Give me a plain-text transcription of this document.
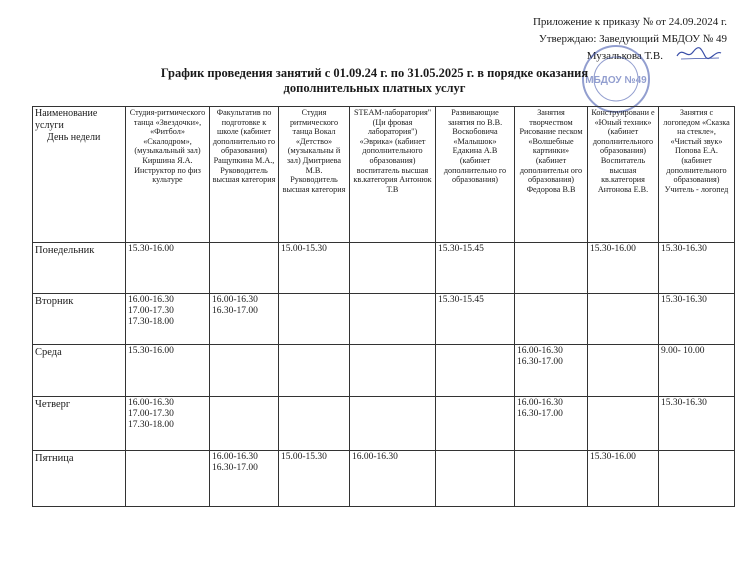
Приложение к приказу № от 24.09.2024 г.
Утверждаю: Заведующий МБДОУ № 49
Музалькова Т.В.
МБДОУ №49
График проведения занятий с 01.09.24 г. по 31.05.2025 г. в порядке оказания
дополнительных платных услуг
Наименование услуги
День недели	Студия-ритмического танца «Звездочки», «Фитбол» «Скалодром», (музыкальный зал) Киршина Я.А. Инструктор по физ культуре	Факультатив по подготовке к школе (кабинет дополнительно го образования) Ращупкина М.А., Руководитель высшая категория	Студия ритмического танца Вокал «Детство» (музыкальны й зал) Дмитриева М.В. Руководитель высшая категория	STEAM-лаборатория"(Ци фровая лаборатория") «Эврика» (кабинет дополнительного образования) воспитатель высшая кв.категория Антонюк Т.В	Развивающие занятия по В.В. Воскобовича «Малышок» Едакина А.В (кабинет дополнительно го образования)	Занятия творчеством Рисование песком «Волшебные картинки» (кабинет дополнительн ого образования) Федорова В.В	Конструировани е «Юный техник» (кабинет дополнительного образования) Воспитатель высшая кв.категория Антонова Е.В.	Занятия с логопедом «Сказка на стекле», «Чистый звук» Попова Е.А. (кабинет дополнительного образования) Учитель - логопед
Понедельник	15.30-16.00		15.00-15.30		15.30-15.45		15.30-16.00	15.30-16.30
Вторник	16.00-16.30
17.00-17.30
17.30-18.00	16.00-16.30
16.30-17.00			15.30-15.45			15.30-16.30
Среда	15.30-16.00					16.00-16.30
16.30-17.00		9.00- 10.00
Четверг	16.00-16.30
17.00-17.30
17.30-18.00					16.00-16.30
16.30-17.00		15.30-16.30
Пятница		16.00-16.30
16.30-17.00	15.00-15.30	16.00-16.30			15.30-16.00	
